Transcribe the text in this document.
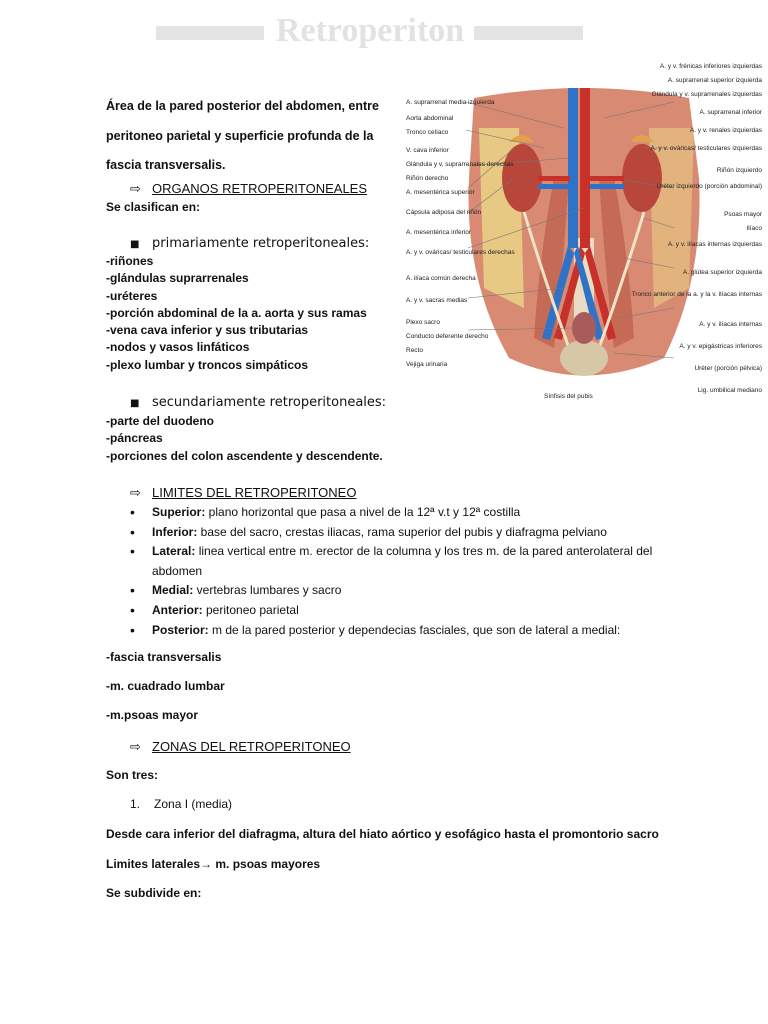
Retroperiton
Área de la pared posterior del abdomen, entre
peritoneo parietal y superficie profunda de la
fascia transversalis.
⇨ ORGANOS RETROPERITONEALES
Se clasifican en:
■ primariamente retroperitoneales:
-riñones
-glándulas suprarrenales
-uréteres
-porción abdominal de la a. aorta y sus ramas
-vena cava inferior y sus tributarias
-nodos y vasos linfáticos
-plexo lumbar y troncos simpáticos
■ secundariamente retroperitoneales:
-parte del duodeno
-páncreas
-porciones del colon ascendente y descendente.
⇨ LIMITES DEL RETROPERITONEO
•	Superior: plano horizontal que pasa a nivel de la 12ª v.t y 12ª costilla
•	Inferior: base del sacro, crestas iliacas, rama superior del pubis y diafragma pelviano
•	Lateral: linea vertical entre m. erector de la columna y los tres m. de la pared anterolateral del abdomen
•	Medial: vertebras lumbares y sacro
•	Anterior: peritoneo parietal
•	Posterior: m de la pared posterior y dependecias fasciales, que son de lateral a medial:
-fascia transversalis
-m. cuadrado lumbar
-m.psoas mayor
⇨ ZONAS DEL RETROPERITONEO
Son tres:
1. Zona I (media)
Desde cara inferior del diafragma, altura del hiato aórtico y esofágico hasta el promontorio sacro
Limites laterales→ m. psoas mayores
Se subdivide en:
A. suprarrenal media izquierda
Aorta abdominal
Tronco celíaco
V. cava inferior
Glándula y v. suprarrenales derechas
Riñón derecho
A. mesentérica superior
Cápsula adiposa del riñón
A. mesentérica inferior
A. y v. ováricas/ testiculares derechas
A. ilíaca común derecha
A. y v. sacras medias
Plexo sacro
Conducto deferente derecho
Recto
Vejiga urinaria
Sínfisis del pubis
A. y v. frénicas inferiores izquierdas
A. suprarrenal superior izquierda
Glándula y v. suprarrenales izquierdas
A. suprarrenal inferior
A. y v. renales izquierdas
A. y v. ováricas/ testiculares izquierdas
Riñón izquierdo
Uréter izquierdo (porción abdominal)
Psoas mayor
Ilíaco
A. y v. ilíacas internas izquierdas
A. glútea superior izquierda
Tronco anterior de la a. y la v. ilíacas internas
A. y v. ilíacas internas
A. y v. epigástricas inferiores
Uréter (porción pélvica)
Lig. umbilical mediano
